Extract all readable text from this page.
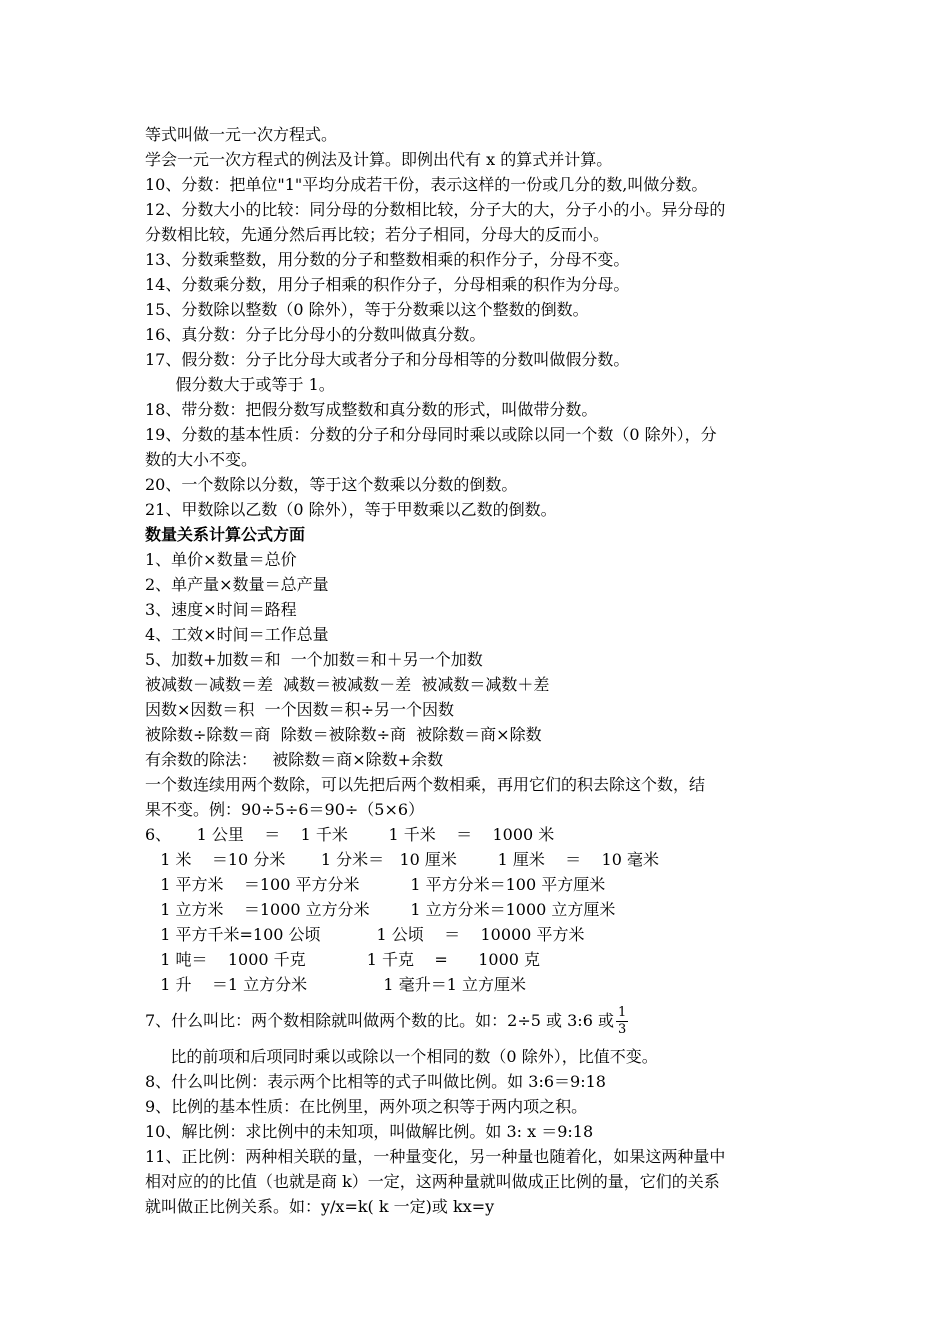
等式叫做一元一次方程式。
学会一元一次方程式的例法及计算。即例出代有 x 的算式并计算。
10、分数：把单位"1"平均分成若干份，表示这样的一份或几分的数,叫做分数。
12、分数大小的比较：同分母的分数相比较，分子大的大，分子小的小。异分母的
分数相比较，先通分然后再比较；若分子相同，分母大的反而小。
13、分数乘整数，用分数的分子和整数相乘的积作分子，分母不变。
14、分数乘分数，用分子相乘的积作分子，分母相乘的积作为分母。
15、分数除以整数（0 除外），等于分数乘以这个整数的倒数。
16、真分数：分子比分母小的分数叫做真分数。
17、假分数：分子比分母大或者分子和分母相等的分数叫做假分数。
假分数大于或等于 1。
18、带分数：把假分数写成整数和真分数的形式，叫做带分数。
19、分数的基本性质：分数的分子和分母同时乘以或除以同一个数（0 除外），分
数的大小不变。
20、一个数除以分数，等于这个数乘以分数的倒数。
21、甲数除以乙数（0 除外），等于甲数乘以乙数的倒数。
数量关系计算公式方面
1、单价×数量＝总价
2、单产量×数量＝总产量
3、速度×时间＝路程
4、工效×时间＝工作总量
5、加数+加数＝和  一个加数＝和＋另一个加数
被减数－减数＝差  减数＝被减数－差  被减数＝减数＋差
因数×因数＝积  一个因数＝积÷另一个因数
被除数÷除数＝商  除数＝被除数÷商  被除数＝商×除数
有余数的除法：   被除数＝商×除数+余数
一个数连续用两个数除，可以先把后两个数相乘，再用它们的积去除这个数，结
果不变。例：90÷5÷6＝90÷（5×6）
6、     1 公里    ＝    1 千米        1 千米    ＝    1000 米
1 米    ＝10 分米       1 分米＝   10 厘米        1 厘米    ＝    10 毫米
1 平方米    ＝100 平方分米          1 平方分米＝100 平方厘米
1 立方米    ＝1000 立方分米        1 立方分米＝1000 立方厘米
1 平方千米=100 公顷           1 公顷    ＝    10000 平方米
1 吨＝    1000 千克            1 千克    =      1000 克
1 升    ＝1 立方分米               1 毫升＝1 立方厘米
7、什么叫比：两个数相除就叫做两个数的比。如：2÷5 或 3:6 或 $\frac{1}{3}$
比的前项和后项同时乘以或除以一个相同的数（0 除外），比值不变。
8、什么叫比例：表示两个比相等的式子叫做比例。如 3:6＝9:18
9、比例的基本性质：在比例里，两外项之积等于两内项之积。
10、解比例：求比例中的未知项，叫做解比例。如 3: x ＝9:18
11、正比例：两种相关联的量，一种量变化，另一种量也随着化，如果这两种量中
相对应的的比值（也就是商 k）一定，这两种量就叫做成正比例的量，它们的关系
就叫做正比例关系。如：y/x=k( k 一定)或 kx=y
